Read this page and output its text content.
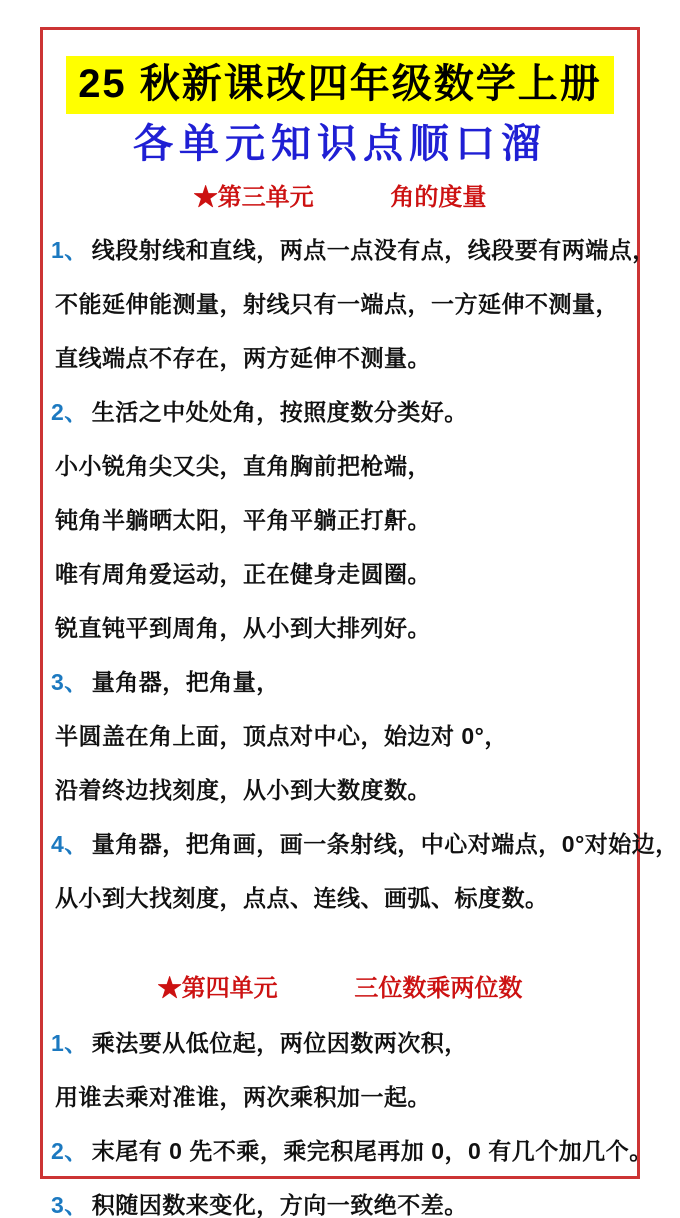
25 秋新课改四年级数学上册
各单元知识点顺口溜
★第三单元	角的度量

1、 线段射线和直线，两点一点没有点，线段要有两端点，

不能延伸能测量，射线只有一端点，一方延伸不测量，

直线端点不存在，两方延伸不测量。

2、 生活之中处处角，按照度数分类好。

小小锐角尖又尖，直角胸前把枪端，

钝角半躺晒太阳，平角平躺正打鼾。

唯有周角爱运动，正在健身走圆圈。

锐直钝平到周角，从小到大排列好。

3、 量角器，把角量，

半圆盖在角上面，顶点对中心，始边对 0°，

沿着终边找刻度，从小到大数度数。

4、 量角器，把角画，画一条射线，中心对端点，0°对始边，

从小到大找刻度，点点、连线、画弧、标度数。

★第四单元	三位数乘两位数

1、 乘法要从低位起，两位因数两次积，

用谁去乘对准谁，两次乘积加一起。

2、 末尾有 0 先不乘，乘完积尾再加 0，0 有几个加几个。

3、 积随因数来变化，方向一致绝不差。
